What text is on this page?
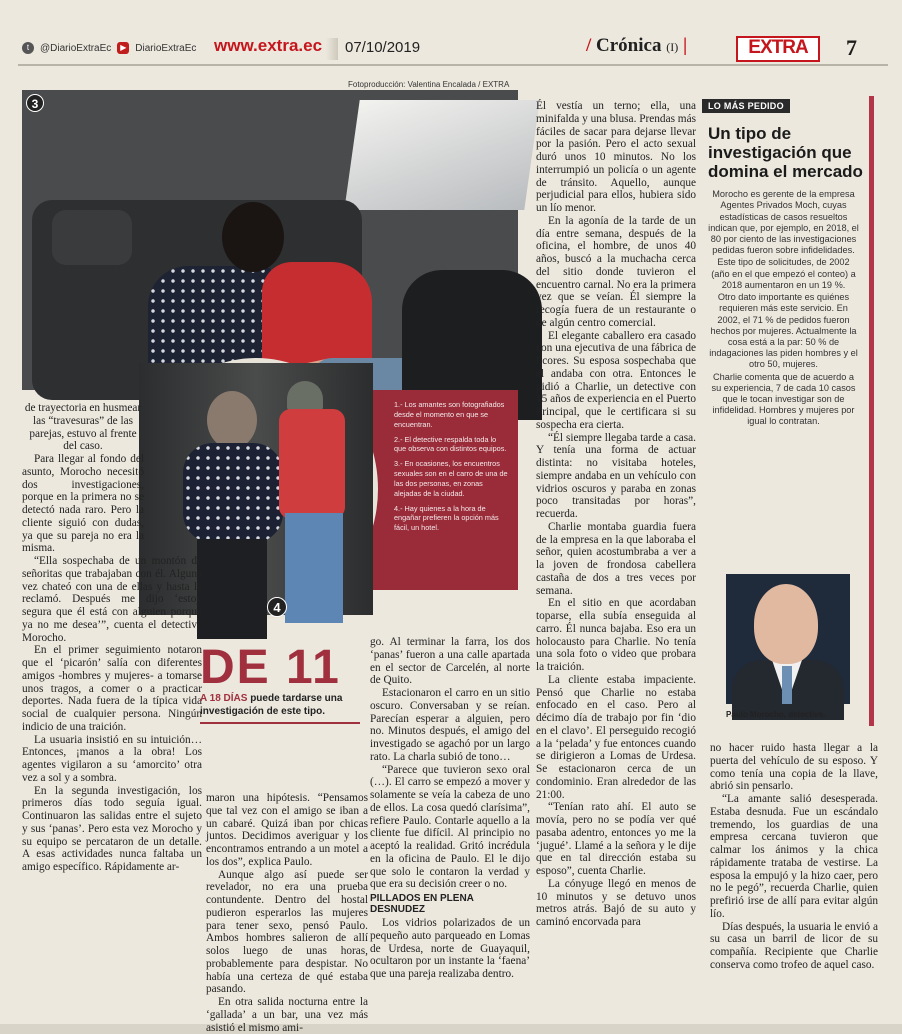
t	@DiarioExtraEc	▶ DiarioExtraEc www.extra.ec 07/10/2019	/ Crónica (I) |	EXTRA	7
Fotoproducción: Valentina Encalada / EXTRA
3

1.- Los amantes son fotografiados desde el momento en que se encuentran.

2.- El detective respalda toda lo que observa con distintos equipos.

3.- En ocasiones, los encuentros sexuales son en el carro de una de las dos personas, en zonas alejadas de la ciudad.

4.- Hay quienes a la hora de engañar prefieren la opción más fácil, un hotel.

4

de trayectoria en husmear las “travesuras” de las parejas, estuvo al frente del caso.

Para llegar al fondo del asunto, Morocho necesitó dos investigaciones, porque en la primera no se detectó nada raro. Pero la cliente siguió con dudas, ya que su pareja no era la misma.

“Ella sospechaba de un montón de señoritas que trabajaban con él. Alguna vez chateó con una de ellas y hasta le reclamó. Después me dijo ‘estoy segura que él está con alguien porque ya no me desea’”, cuenta el detective Morocho.

En el primer seguimiento notaron que el ‘picarón’ salía con diferentes amigos -hombres y mujeres- a tomarse unos tragos, a comer o a practicar deportes. Nada fuera de la típica vida social de cualquier persona. Ningún indicio de una traición.

La usuaria insistió en su intuición… Entonces, ¡manos a la obra! Los agentes vigilaron a su ‘amorcito’ otra vez a sol y a sombra.

En la segunda investigación, los primeros días todo seguía igual. Continuaron las salidas entre el sujeto y sus ‘panas’. Pero esta vez Morocho y su equipo se percataron de un detalle. A esas actividades nunca faltaba un amigo específico. Rápidamente ar-

DE 11
A 18 DÍAS puede tardarse una investigación de este tipo.

maron una hipótesis. “Pensamos que tal vez con el amigo se iban a un cabaré. Quizá iban por chicas juntos. Decidimos averiguar y los encontramos entrando a un motel a los dos”, explica Paulo.

Aunque algo así puede ser revelador, no era una prueba contundente. Dentro del hostal pudieron esperarlos las mujeres para tener sexo, pensó Paulo. Ambos hombres salieron de allí solos luego de unas horas, probablemente para despistar. No había una certeza de qué estaba pasando.

En otra salida nocturna entre la ‘gallada’ a un bar, una vez más asistió el mismo ami-

go. Al terminar la farra, los dos ‘panas’ fueron a una calle apartada en el sector de Carcelén, al norte de Quito.

Estacionaron el carro en un sitio oscuro. Conversaban y se reían. Parecían esperar a alguien, pero no. Minutos después, el amigo del investigado se agachó por un largo rato. La charla subió de tono…

“Parece que tuvieron sexo oral (…). El carro se empezó a mover y solamente se veía la cabeza de uno de ellos. La cosa quedó clarísima”, refiere Paulo. Contarle aquello a la cliente fue difícil. Al principio no aceptó la realidad. Gritó incrédula en la oficina de Paulo. El le dijo que solo le contaron la verdad y que era su decisión creer o no.

PILLADOS EN PLENA DESNUDEZ

Los vidrios polarizados de un pequeño auto parqueado en Lomas de Urdesa, norte de Guayaquil, ocultaron por un instante la ‘faena’ que una pareja realizaba dentro.

Él vestía un terno; ella, una minifalda y una blusa. Prendas más fáciles de sacar para dejarse llevar por la pasión. Pero el acto sexual duró unos 10 minutos. No los interrumpió un policía o un agente de tránsito. Aquello, aunque perjudicial para ellos, hubiera sido un lío menor.

En la agonía de la tarde de un día entre semana, después de la oficina, el hombre, de unos 40 años, buscó a la muchacha cerca del sitio donde tuvieron el encuentro carnal. No era la primera vez que se veían. Él siempre la recogía fuera de un restaurante o de algún centro comercial.

El elegante caballero era casado con una ejecutiva de una fábrica de licores. Su esposa sospechaba que él andaba con otra. Entonces le pidió a Charlie, un detective con 15 años de experiencia en el Puerto Principal, que le certificara si su sospecha era cierta.

“Él siempre llegaba tarde a casa. Y tenía una forma de actuar distinta: no visitaba hoteles, siempre andaba en un vehículo con vidrios oscuros y paraba en zonas poco transitadas por horas”, recuerda.

Charlie montaba guardia fuera de la empresa en la que laboraba el señor, quien acostumbraba a ver a la joven de frondosa cabellera castaña de dos a tres veces por semana.

En el sitio en que acordaban toparse, ella subía enseguida al carro. Él nunca bajaba. Eso era un holocausto para Charlie. No tenía una sola foto o video que probara la traición.

La cliente estaba impaciente. Pensó que Charlie no estaba enfocado en el caso. Pero al décimo día de trabajo por fin ‘dio en el clavo’. El perseguido recogió a la ‘pelada’ y fue entonces cuando se dirigieron a Lomas de Urdesa. Se estacionaron cerca de un condominio. Eran alrededor de las 21:00.

“Tenían rato ahí. El auto se movía, pero no se podía ver qué pasaba adentro, entonces yo me la ‘jugué’. Llamé a la señora y le dije que en tal dirección estaba su esposo”, cuenta Charlie.

La cónyuge llegó en menos de 10 minutos y se detuvo unos metros atrás. Bajó de su auto y caminó encorvada para

no hacer ruido hasta llegar a la puerta del vehículo de su esposo. Y como tenía una copia de la llave, abrió sin pensarlo.

“La amante salió desesperada. Estaba desnuda. Fue un escándalo tremendo, los guardias de una empresa cercana tuvieron que calmar los ánimos y la chica rápidamente trataba de vestirse. La esposa la empujó y la hizo caer, pero no le pegó”, recuerda Charlie, quien prefirió irse de allí para evitar algún lío.

Días después, la usuaria le envió a su casa un barril de licor de su compañía. Recipiente que Charlie conserva como trofeo de aquel caso.

LO MÁS PEDIDO
Un tipo de investigación que domina el mercado

Morocho es gerente de la empresa Agentes Privados Moch, cuyas estadísticas de casos resueltos indican que, por ejemplo, en 2018, el 80 por ciento de las investigaciones pedidas fueron sobre infidelidades.

Este tipo de solicitudes, de 2002 (año en el que empezó el conteo) a 2018 aumentaron en un 19 %.

Otro dato importante es quiénes requieren más este servicio. En 2002, el 71 % de pedidos fueron hechos por mujeres. Actualmente la cosa está a la par: 50 % de indagaciones las piden hombres y el otro 50, mujeres.

Charlie comenta que de acuerdo a su experiencia, 7 de cada 10 casos que le tocan investigar son de infidelidad. Hombres y mujeres por igual lo contratan.

Paulo Morocho, detective.
